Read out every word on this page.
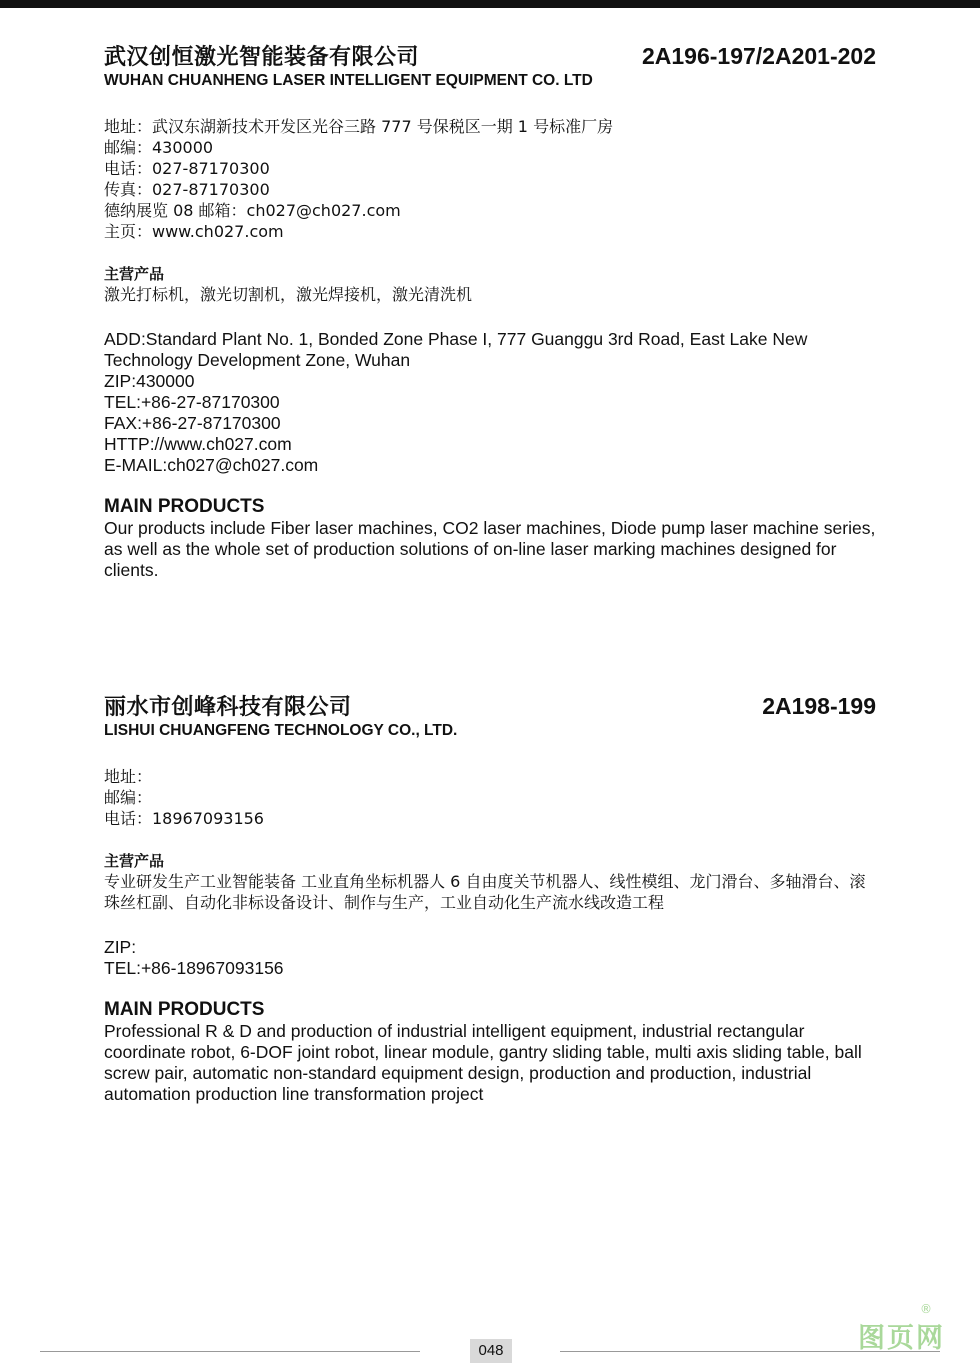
武汉创恒激光智能装备有限公司	2A196-197/2A201-202
WUHAN CHUANHENG LASER INTELLIGENT EQUIPMENT CO. LTD
地址：武汉东湖新技术开发区光谷三路 777 号保税区一期 1 号标准厂房
邮编：430000
电话：027-87170300
传真：027-87170300
德纳展览 08 邮箱：ch027@ch027.com
主页：www.ch027.com
主营产品
激光打标机，激光切割机，激光焊接机，激光清洗机
ADD:Standard Plant No. 1, Bonded Zone Phase I, 777 Guanggu 3rd Road, East Lake New
Technology Development Zone, Wuhan
ZIP:430000
TEL:+86-27-87170300
FAX:+86-27-87170300
HTTP://www.ch027.com
E-MAIL:ch027@ch027.com
MAIN PRODUCTS
Our products include Fiber laser machines, CO2 laser machines, Diode pump laser machine series, as well as the whole set of production solutions of on-line laser marking machines designed for clients.
丽水市创峰科技有限公司	2A198-199
LISHUI CHUANGFENG TECHNOLOGY CO., LTD.
地址：
邮编：
电话：18967093156
主营产品
专业研发生产工业智能装备 工业直角坐标机器人 6 自由度关节机器人、线性模组、龙门滑台、多轴滑台、滚珠丝杠副、自动化非标设备设计、制作与生产，工业自动化生产流水线改造工程
ZIP:
TEL:+86-18967093156
MAIN PRODUCTS
Professional R & D and production of industrial intelligent equipment, industrial rectangular coordinate robot, 6-DOF joint robot, linear module, gantry sliding table, multi axis sliding table, ball screw pair, automatic non-standard equipment design, production and production, industrial automation production line transformation project
048	图页网
®
